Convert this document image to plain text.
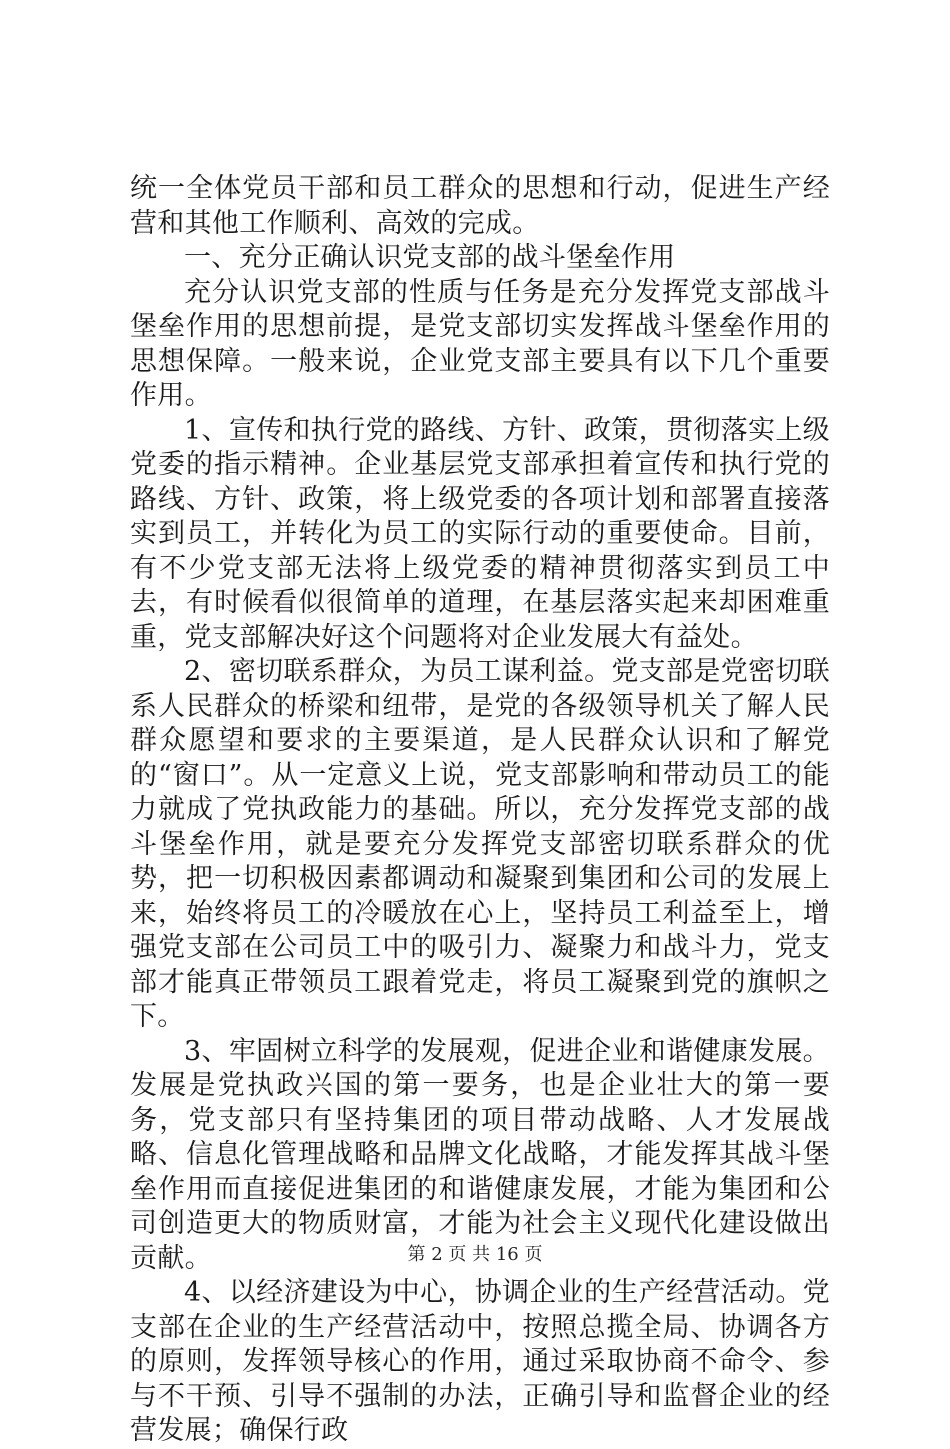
统一全体党员干部和员工群众的思想和行动，促进生产经营和其他工作顺利、高效的完成。

一、充分正确认识党支部的战斗堡垒作用

充分认识党支部的性质与任务是充分发挥党支部战斗堡垒作用的思想前提，是党支部切实发挥战斗堡垒作用的思想保障。一般来说，企业党支部主要具有以下几个重要作用。

1、宣传和执行党的路线、方针、政策，贯彻落实上级党委的指示精神。企业基层党支部承担着宣传和执行党的路线、方针、政策，将上级党委的各项计划和部署直接落实到员工，并转化为员工的实际行动的重要使命。目前，有不少党支部无法将上级党委的精神贯彻落实到员工中去，有时候看似很简单的道理，在基层落实起来却困难重重，党支部解决好这个问题将对企业发展大有益处。

2、密切联系群众，为员工谋利益。党支部是党密切联系人民群众的桥梁和纽带，是党的各级领导机关了解人民群众愿望和要求的主要渠道，是人民群众认识和了解党的“窗口”。从一定意义上说，党支部影响和带动员工的能力就成了党执政能力的基础。所以，充分发挥党支部的战斗堡垒作用，就是要充分发挥党支部密切联系群众的优势，把一切积极因素都调动和凝聚到集团和公司的发展上来，始终将员工的冷暖放在心上，坚持员工利益至上，增强党支部在公司员工中的吸引力、凝聚力和战斗力，党支部才能真正带领员工跟着党走，将员工凝聚到党的旗帜之下。

3、牢固树立科学的发展观，促进企业和谐健康发展。发展是党执政兴国的第一要务，也是企业壮大的第一要务，党支部只有坚持集团的项目带动战略、人才发展战略、信息化管理战略和品牌文化战略，才能发挥其战斗堡垒作用而直接促进集团的和谐健康发展，才能为集团和公司创造更大的物质财富，才能为社会主义现代化建设做出贡献。

4、以经济建设为中心，协调企业的生产经营活动。党支部在企业的生产经营活动中，按照总揽全局、协调各方的原则，发挥领导核心的作用，通过采取协商不命令、参与不干预、引导不强制的办法，正确引导和监督企业的经营发展；确保行政

第 2 页 共 16 页
